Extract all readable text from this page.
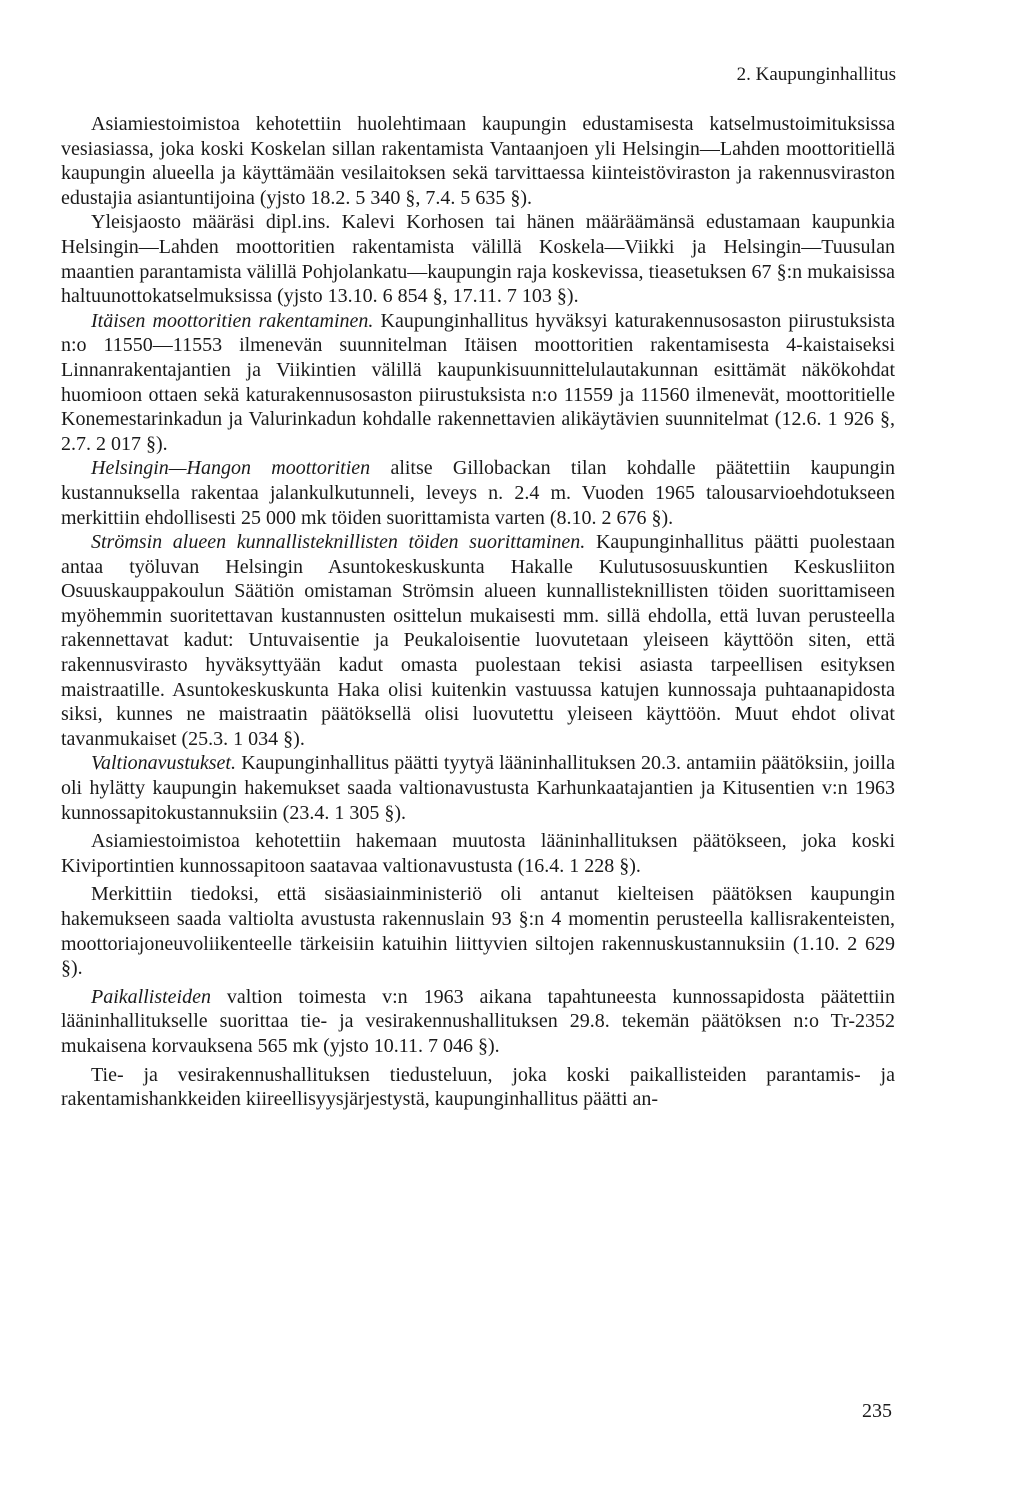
2. Kaupunginhallitus

Asiamiestoimistoa kehotettiin huolehtimaan kaupungin edustamisesta katselmustoimituksissa vesiasiassa, joka koski Koskelan sillan rakentamista Vantaanjoen yli Helsingin—Lahden moottoritiellä kaupungin alueella ja käyttämään vesilaitoksen sekä tarvittaessa kiinteistöviraston ja rakennusviraston edustajia asiantuntijoina (yjsto 18.2. 5 340 §, 7.4. 5 635 §).

Yleisjaosto määräsi dipl.ins. Kalevi Korhosen tai hänen määräämänsä edustamaan kaupunkia Helsingin—Lahden moottoritien rakentamista välillä Koskela—Viikki ja Helsingin—Tuusulan maantien parantamista välillä Pohjolankatu—kaupungin raja koskevissa, tieasetuksen 67 §:n mukaisissa haltuunottokatselmuksissa (yjsto 13.10. 6 854 §, 17.11. 7 103 §).

Itäisen moottoritien rakentaminen. Kaupunginhallitus hyväksyi katurakennusosaston piirustuksista n:o 11550—11553 ilmenevän suunnitelman Itäisen moottoritien rakentamisesta 4-kaistaiseksi Linnanrakentajantien ja Viikintien välillä kaupunkisuunnittelulautakunnan esittämät näkökohdat huomioon ottaen sekä katurakennusosaston piirustuksista n:o 11559 ja 11560 ilmenevät, moottoritielle Konemestarinkadun ja Valurinkadun kohdalle rakennettavien alikäytävien suunnitelmat (12.6. 1 926 §, 2.7. 2 017 §).

Helsingin—Hangon moottoritien alitse Gillobackan tilan kohdalle päätettiin kaupungin kustannuksella rakentaa jalankulkutunneli, leveys n. 2.4 m. Vuoden 1965 talousarvioehdotukseen merkittiin ehdollisesti 25 000 mk töiden suorittamista varten (8.10. 2 676 §).

Strömsin alueen kunnallisteknillisten töiden suorittaminen. Kaupunginhallitus päätti puolestaan antaa työluvan Helsingin Asuntokeskuskunta Hakalle Kulutusosuuskuntien Keskusliiton Osuuskauppakoulun Säätiön omistaman Strömsin alueen kunnallisteknillisten töiden suorittamiseen myöhemmin suoritettavan kustannusten osittelun mukaisesti mm. sillä ehdolla, että luvan perusteella rakennettavat kadut: Untuvaisentie ja Peukaloisentie luovutetaan yleiseen käyttöön siten, että rakennusvirasto hyväksyttyään kadut omasta puolestaan tekisi asiasta tarpeellisen esityksen maistraatille. Asuntokeskuskunta Haka olisi kuitenkin vastuussa katujen kunnossaja puhtaanapidosta siksi, kunnes ne maistraatin päätöksellä olisi luovutettu yleiseen käyttöön. Muut ehdot olivat tavanmukaiset (25.3. 1 034 §).

Valtionavustukset. Kaupunginhallitus päätti tyytyä lääninhallituksen 20.3. antamiin päätöksiin, joilla oli hylätty kaupungin hakemukset saada valtionavustusta Karhunkaatajantien ja Kitusentien v:n 1963 kunnossapitokustannuksiin (23.4. 1 305 §).

Asiamiestoimistoa kehotettiin hakemaan muutosta lääninhallituksen päätökseen, joka koski Kiviportintien kunnossapitoon saatavaa valtionavustusta (16.4. 1 228 §).

Merkittiin tiedoksi, että sisäasiainministeriö oli antanut kielteisen päätöksen kaupungin hakemukseen saada valtiolta avustusta rakennuslain 93 §:n 4 momentin perusteella kallisrakenteisten, moottoriajoneuvoliikenteelle tärkeisiin katuihin liittyvien siltojen rakennuskustannuksiin (1.10. 2 629 §).

Paikallisteiden valtion toimesta v:n 1963 aikana tapahtuneesta kunnossapidosta päätettiin lääninhallitukselle suorittaa tie- ja vesirakennushallituksen 29.8. tekemän päätöksen n:o Tr-2352 mukaisena korvauksena 565 mk (yjsto 10.11. 7 046 §).

Tie- ja vesirakennushallituksen tiedusteluun, joka koski paikallisteiden parantamis- ja rakentamishankkeiden kiireellisyysjärjestystä, kaupunginhallitus päätti an-

235
